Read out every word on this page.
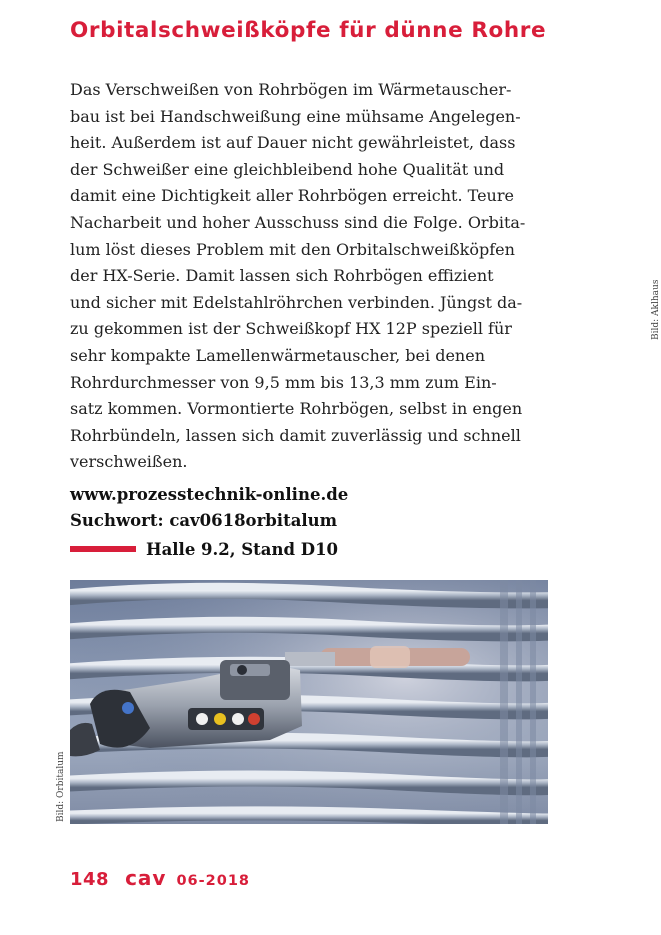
Orbitalschweißköpfe für dünne Rohre
Das Verschweißen von Rohrbögen im Wärmetauscher-
bau ist bei Handschweißung eine mühsame Angelegen-
heit. Außerdem ist auf Dauer nicht gewährleistet, dass
der Schweißer eine gleichbleibend hohe Qualität und
damit eine Dichtigkeit aller Rohrbögen erreicht. Teure
Nacharbeit und hoher Ausschuss sind die Folge. Orbita-
lum löst dieses Problem mit den Orbitalschweißköpfen
der HX-Serie. Damit lassen sich Rohrbögen effizient
und sicher mit Edelstahlröhrchen verbinden. Jüngst da-
zu gekommen ist der Schweißkopf HX 12P speziell für
sehr kompakte Lamellenwärmetauscher, bei denen
Rohrdurchmesser von 9,5 mm bis 13,3 mm zum Ein-
satz kommen. Vormontierte Rohrbögen, selbst in engen
Rohrbündeln, lassen sich damit zuverlässig und schnell
verschweißen.
www.prozesstechnik-online.de
Suchwort: cav0618orbitalum
Halle 9.2, Stand D10
Bild: Aklhaus
Bild: Orbitalum
148 cav 06-2018
